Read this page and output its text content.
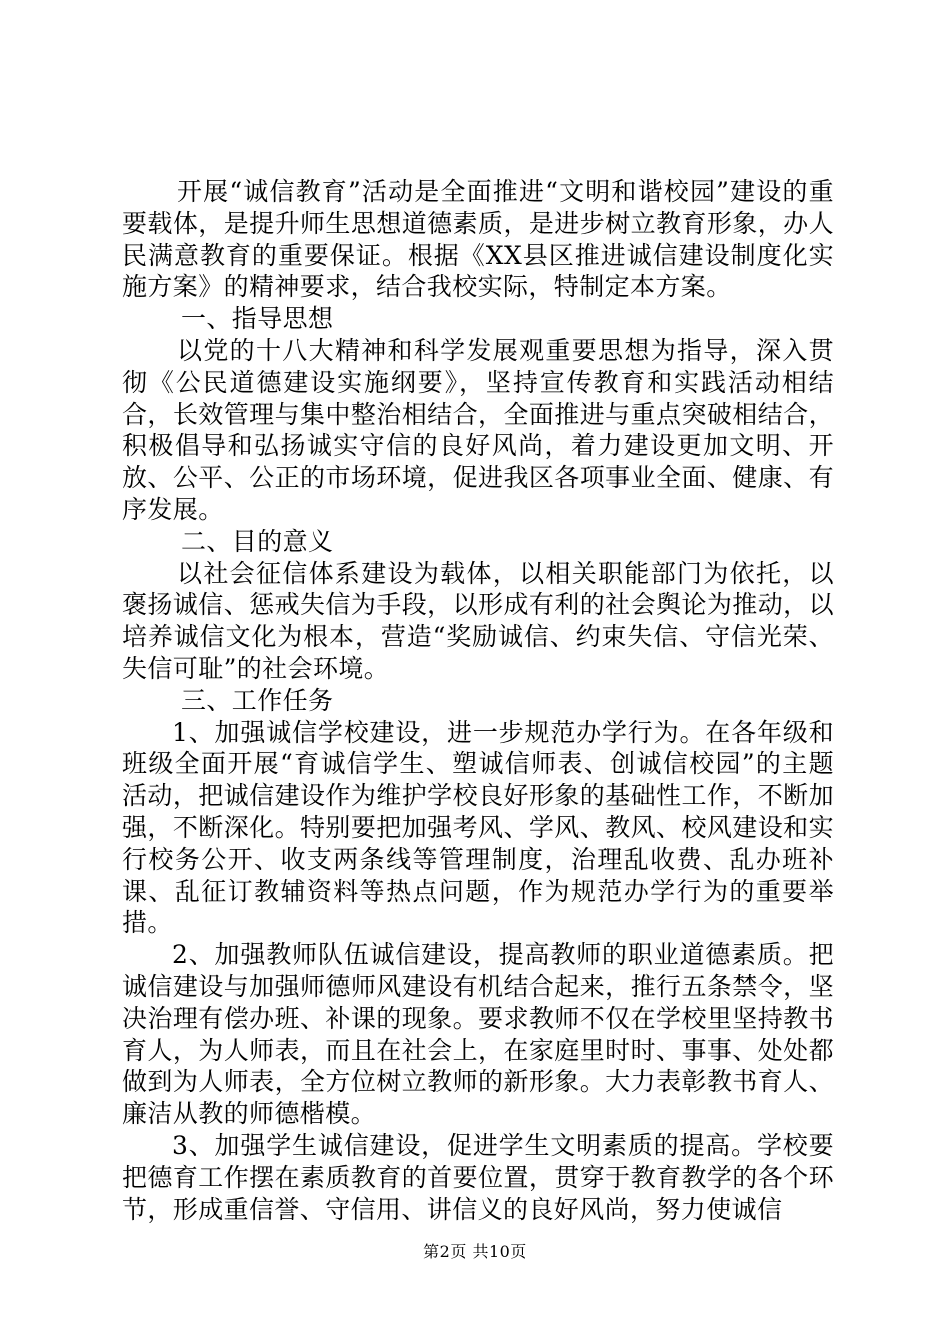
开展“诚信教育”活动是全面推进“文明和谐校园”建设的重要载体，是提升师生思想道德素质，是进步树立教育形象，办人民满意教育的重要保证。根据《XX县区推进诚信建设制度化实施方案》的精神要求，结合我校实际，特制定本方案。

一、指导思想

以党的十八大精神和科学发展观重要思想为指导，深入贯彻《公民道德建设实施纲要》，坚持宣传教育和实践活动相结合，长效管理与集中整治相结合，全面推进与重点突破相结合，积极倡导和弘扬诚实守信的良好风尚，着力建设更加文明、开放、公平、公正的市场环境，促进我区各项事业全面、健康、有序发展。

二、目的意义

以社会征信体系建设为载体，以相关职能部门为依托，以褒扬诚信、惩戒失信为手段，以形成有利的社会舆论为推动，以培养诚信文化为根本，营造“奖励诚信、约束失信、守信光荣、失信可耻”的社会环境。

三、工作任务

1、加强诚信学校建设，进一步规范办学行为。在各年级和班级全面开展“育诚信学生、塑诚信师表、创诚信校园”的主题活动，把诚信建设作为维护学校良好形象的基础性工作，不断加强，不断深化。特别要把加强考风、学风、教风、校风建设和实行校务公开、收支两条线等管理制度，治理乱收费、乱办班补课、乱征订教辅资料等热点问题，作为规范办学行为的重要举措。

2、加强教师队伍诚信建设，提高教师的职业道德素质。把诚信建设与加强师德师风建设有机结合起来，推行五条禁令，坚决治理有偿办班、补课的现象。要求教师不仅在学校里坚持教书育人，为人师表，而且在社会上，在家庭里时时、事事、处处都做到为人师表，全方位树立教师的新形象。大力表彰教书育人、廉洁从教的师德楷模。

3、加强学生诚信建设，促进学生文明素质的提高。学校要把德育工作摆在素质教育的首要位置，贯穿于教育教学的各个环节，形成重信誉、守信用、讲信义的良好风尚，努力使诚信

第2页 共10页
